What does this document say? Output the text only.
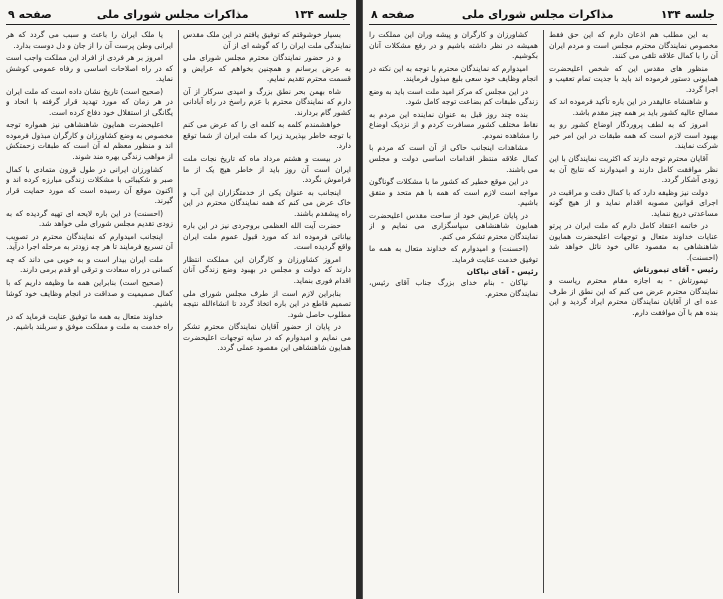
جلسه ۱۳۴
مذاکرات مجلس شورای ملی
صفحه ۹

بسیار خوشوقتم که توفیق یافتم در این ملک مقدس نمایندگی ملت ایران را که گوشه ای از آن

و در حضور نمایندگان محترم مجلس شورای ملی به عرض برسانم و همچنین بخواهم که عرایض و قسمت محترم تقدیم نمایم.

شاه بهمن بحر نطق بزرگ و امیدی سرکار از آن دارم که نمایندگان محترم با عزم راسخ در راه آبادانی کشور گام بردارند.

خواهشمندم کلمه به کلمه ای را که عرض می کنم با توجه خاطر بپذیرید زیرا که ملت ایران از شما توقع دارد.

در بیست و هشتم مرداد ماه که تاریخ نجات ملت ایران است آن روز باید از خاطر هیچ یک از ما فراموش نگردد.

اینجانب به عنوان یکی از خدمتگزاران این آب و خاک عرض می کنم که همه نمایندگان محترم در این راه پیشقدم باشند.

حضرت آیت الله العظمی بروجردی نیز در این باره بیاناتی فرموده اند که مورد قبول عموم ملت ایران واقع گردیده است.

امروز کشاورزان و کارگران این مملکت انتظار دارند که دولت و مجلس در بهبود وضع زندگی آنان اقدام فوری بنماید.

بنابراین لازم است از طرف مجلس شورای ملی تصمیم قاطع در این باره اتخاذ گردد تا انشاءالله نتیجه مطلوب حاصل شود.

در پایان از حضور آقایان نمایندگان محترم تشکر می نمایم و امیدوارم که در سایه توجهات اعلیحضرت همایون شاهنشاهی این مقصود عملی گردد.

یا ملک ایران را باعث و سبب می گردد که هر ایرانی وطن پرست آن را از جان و دل دوست بدارد.

امروز بر هر فردی از افراد این مملکت واجب است که در راه اصلاحات اساسی و رفاه عمومی کوشش نماید.

(صحیح است) تاریخ نشان داده است که ملت ایران در هر زمان که مورد تهدید قرار گرفته با اتحاد و یگانگی از استقلال خود دفاع کرده است.

اعلیحضرت همایون شاهنشاهی نیز همواره توجه مخصوص به وضع کشاورزان و کارگران مبذول فرموده اند و منظور معظم له آن است که طبقات زحمتکش از مواهب زندگی بهره مند شوند.

کشاورزان ایرانی در طول قرون متمادی با کمال صبر و شکیبائی با مشکلات زندگی مبارزه کرده اند و اکنون موقع آن رسیده است که مورد حمایت قرار گیرند.

(احسنت) در این باره لایحه ای تهیه گردیده که به زودی تقدیم مجلس شورای ملی خواهد شد.

اینجانب امیدوارم که نمایندگان محترم در تصویب آن تسریع فرمایند تا هر چه زودتر به مرحله اجرا درآید.

ملت ایران بیدار است و به خوبی می داند که چه کسانی در راه سعادت و ترقی او قدم برمی دارند.

(صحیح است) بنابراین همه ما وظیفه داریم که با کمال صمیمیت و صداقت در انجام وظایف خود کوشا باشیم.

خداوند متعال به همه ما توفیق عنایت فرماید که در راه خدمت به ملت و مملکت موفق و سربلند باشیم.

جلسه ۱۳۴
مذاکرات مجلس شورای ملی
صفحه ۸

به این مطلب هم اذعان دارم که این حق فقط مخصوص نمایندگان محترم مجلس است و مردم ایران آن را با کمال علاقه تلقی می کنند.

منظور های مقدس این که شخص اعلیحضرت همایونی دستور فرموده اند باید با جدیت تمام تعقیب و اجرا گردد.

و شاهنشاه عالیقدر در این باره تأکید فرموده اند که مصالح عالیه کشور باید بر همه چیز مقدم باشد.

امروز که به لطف پروردگار اوضاع کشور رو به بهبود است لازم است که همه طبقات در این امر خیر شرکت نمایند.

آقایان محترم توجه دارند که اکثریت نمایندگان با این نظر موافقت کامل دارند و امیدوارند که نتایج آن به زودی آشکار گردد.

دولت نیز وظیفه دارد که با کمال دقت و مراقبت در اجرای قوانین مصوبه اقدام نماید و از هیچ گونه مساعدتی دریغ ننماید.

در خاتمه اعتقاد کامل دارم که ملت ایران در پرتو عنایات خداوند متعال و توجهات اعلیحضرت همایون شاهنشاهی به مقصود عالی خود نائل خواهد شد (احسنت).

رئیس - آقای تیمورتاش

تیمورتاش - به اجازه مقام محترم ریاست و نمایندگان محترم عرض می کنم که این نطق از طرف عده ای از آقایان نمایندگان محترم ایراد گردید و این بنده هم با آن موافقت دارم.

کشاورزان و کارگران و پیشه وران این مملکت را همیشه در نظر داشته باشیم و در رفع مشکلات آنان بکوشیم.

امیدوارم که نمایندگان محترم با توجه به این نکته در انجام وظایف خود سعی بلیغ مبذول فرمایند.

در این مجلس که مرکز امید ملت است باید به وضع زندگی طبقات کم بضاعت توجه کامل شود.

بنده چند روز قبل به عنوان نماینده این مردم به نقاط مختلف کشور مسافرت کردم و از نزدیک اوضاع را مشاهده نمودم.

مشاهدات اینجانب حاکی از آن است که مردم با کمال علاقه منتظر اقدامات اساسی دولت و مجلس می باشند.

در این موقع خطیر که کشور ما با مشکلات گوناگون مواجه است لازم است که همه با هم متحد و متفق باشیم.

در پایان عرایض خود از ساحت مقدس اعلیحضرت همایون شاهنشاهی سپاسگزاری می نمایم و از نمایندگان محترم تشکر می کنم.

(احسنت) و امیدوارم که خداوند متعال به همه ما توفیق خدمت عنایت فرماید.

رئیس - آقای نیاکان

نیاکان - بنام خدای بزرگ جناب آقای رئیس، نمایندگان محترم.
